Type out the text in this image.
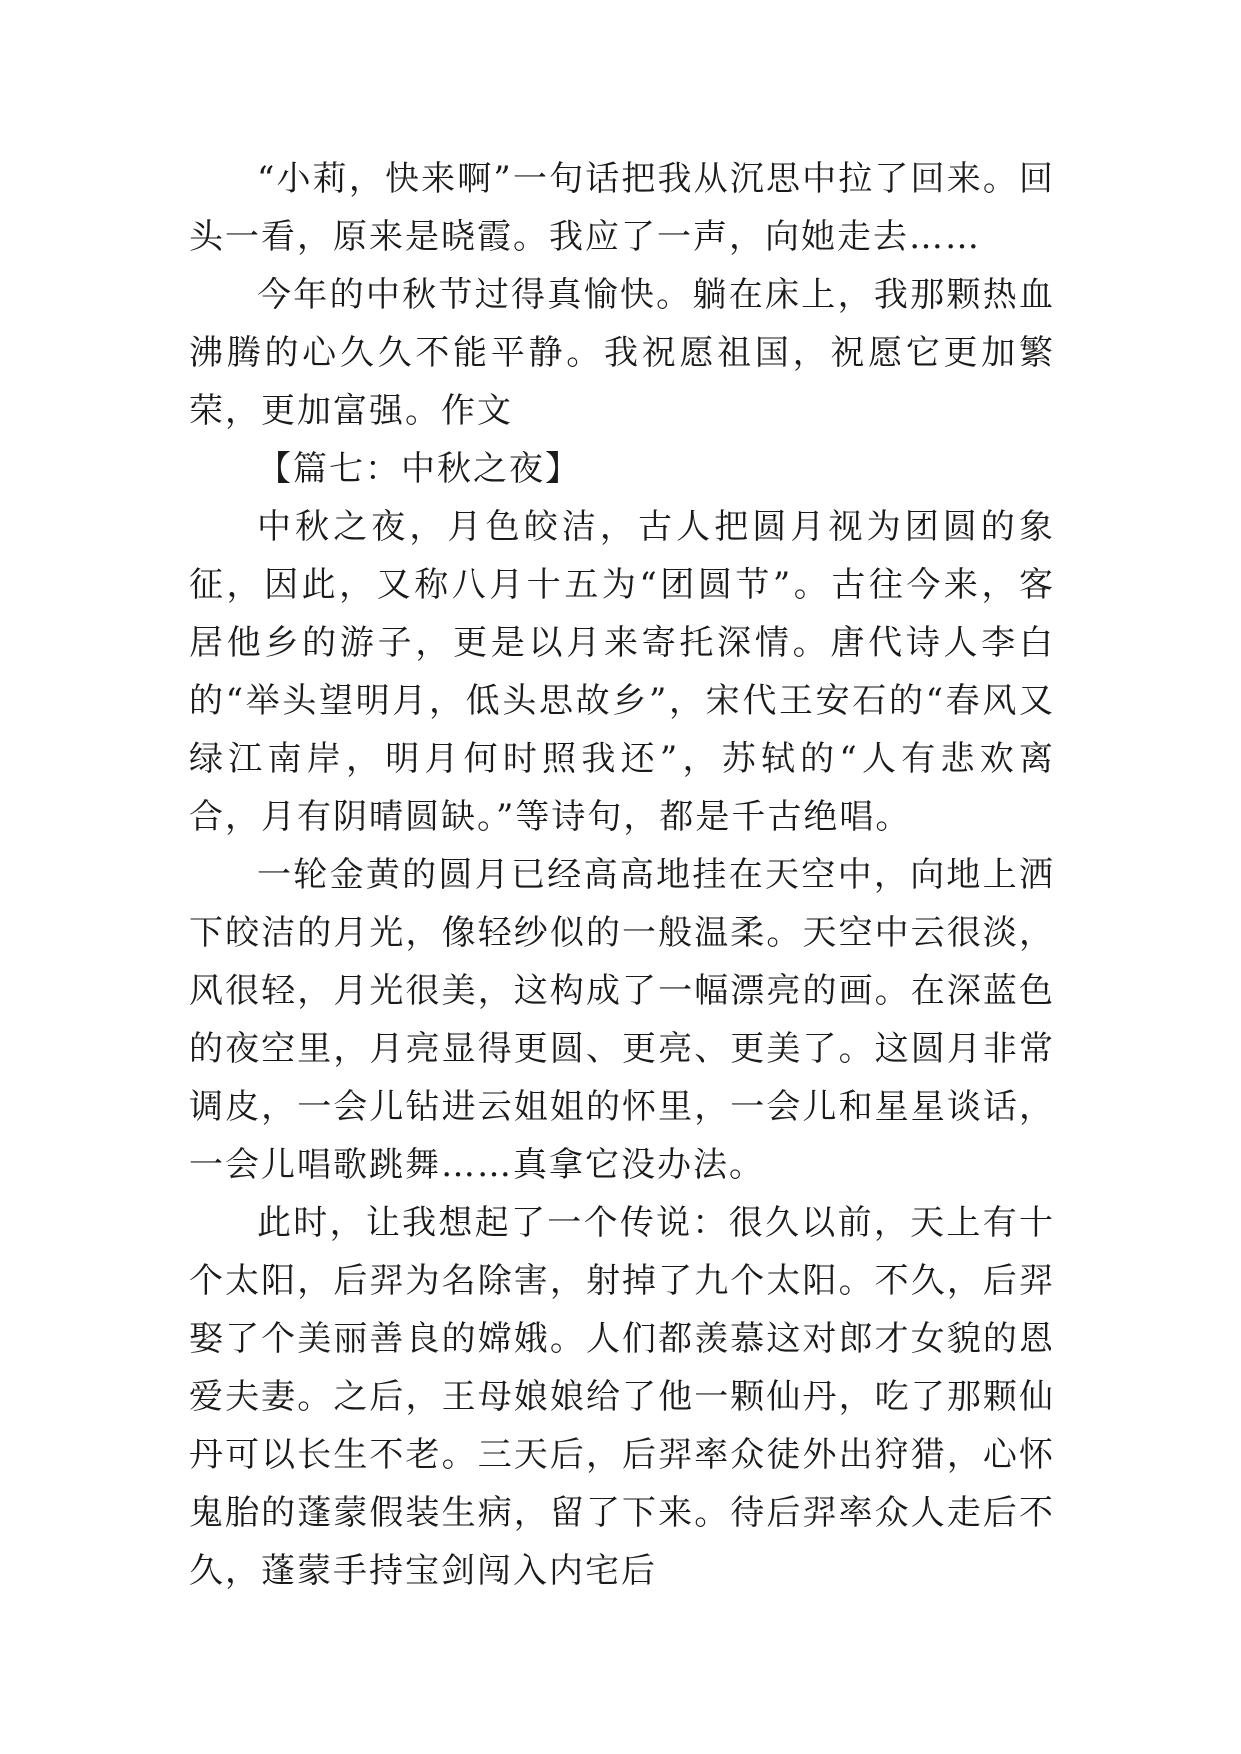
“小莉，快来啊”一句话把我从沉思中拉了回来。回头一看，原来是晓霞。我应了一声，向她走去……

今年的中秋节过得真愉快。躺在床上，我那颗热血沸腾的心久久不能平静。我祝愿祖国，祝愿它更加繁荣，更加富强。作文

【篇七：中秋之夜】

中秋之夜，月色皎洁，古人把圆月视为团圆的象征，因此，又称八月十五为“团圆节”。古往今来，客居他乡的游子，更是以月来寄托深情。唐代诗人李白的“举头望明月，低头思故乡”，宋代王安石的“春风又绿江南岸，明月何时照我还”，苏轼的“人有悲欢离合，月有阴晴圆缺。”等诗句，都是千古绝唱。

一轮金黄的圆月已经高高地挂在天空中，向地上洒下皎洁的月光，像轻纱似的一般温柔。天空中云很淡，风很轻，月光很美，这构成了一幅漂亮的画。在深蓝色的夜空里，月亮显得更圆、更亮、更美了。这圆月非常调皮，一会儿钻进云姐姐的怀里，一会儿和星星谈话，一会儿唱歌跳舞……真拿它没办法。

此时，让我想起了一个传说：很久以前，天上有十个太阳，后羿为名除害，射掉了九个太阳。不久，后羿娶了个美丽善良的嫦娥。人们都羡慕这对郎才女貌的恩爱夫妻。之后，王母娘娘给了他一颗仙丹，吃了那颗仙丹可以长生不老。三天后，后羿率众徒外出狩猎，心怀鬼胎的蓬蒙假装生病，留了下来。待后羿率众人走后不久，蓬蒙手持宝剑闯入内宅后
